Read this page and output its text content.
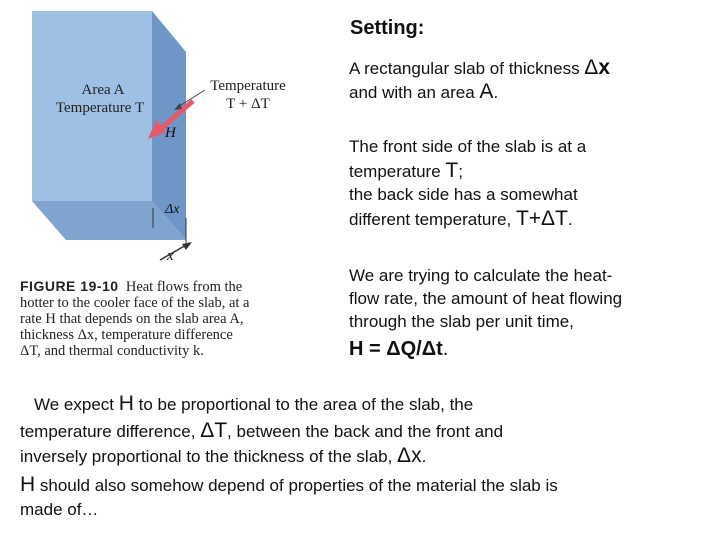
Area A
Temperature T
Temperature
T + ΔT
H
Δx
x
FIGURE 19-10 Heat flows from the
hotter to the cooler face of the slab, at a
rate H that depends on the slab area A,
thickness Δx, temperature difference
ΔT, and thermal conductivity k.
Setting:
A rectangular slab of thickness Δx
and with an area A.
The front side of the slab is at a
temperature T;
the back side has a somewhat
different temperature, T+ΔT.
We are trying to calculate the heat-
flow rate, the amount of heat flowing
through the slab per unit time,
H = ΔQ/Δt.
We expect H to be proportional to the area of the slab, the
temperature difference, ΔT, between the back and the front and
inversely proportional to the thickness of the slab, Δx.
H should also somehow depend of properties of the material the slab is
made of…
